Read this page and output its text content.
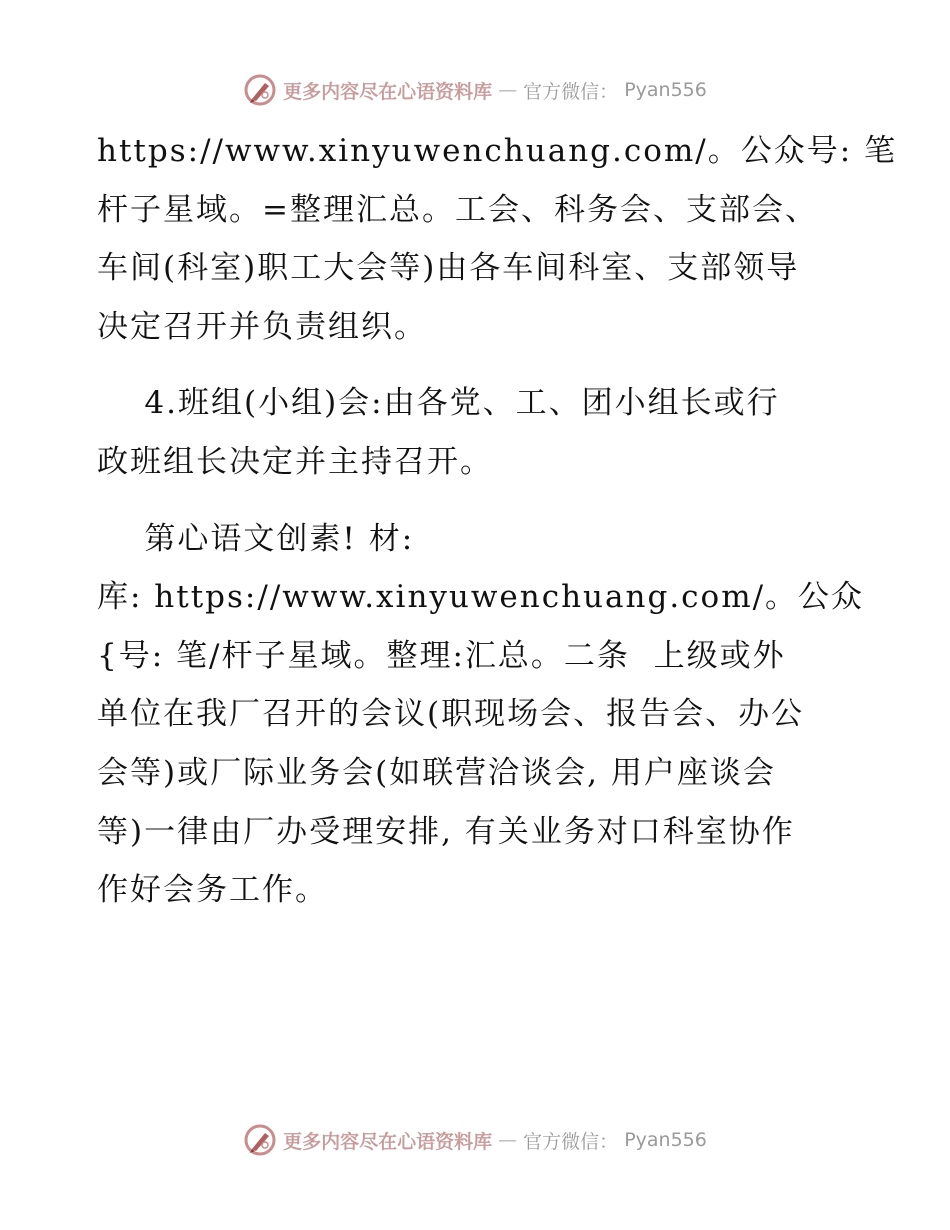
更多内容尽在心语资料库 — 官方微信： Pyan556

https://www.xinyuwenchuang.com/。公众号: 笔

杆子星域。=整理汇总。工会、科务会、支部会、

车间(科室)职工大会等)由各车间科室、支部领导

决定召开并负责组织。

4.班组(小组)会:由各党、工、团小组长或行

政班组长决定并主持召开。

第心语文创素! 材:

库: https://www.xinyuwenchuang.com/。公众

{号: 笔/杆子星域。整理:汇总。二条  上级或外

单位在我厂召开的会议(职现场会、报告会、办公

会等)或厂际业务会(如联营洽谈会, 用户座谈会

等)一律由厂办受理安排, 有关业务对口科室协作

作好会务工作。

更多内容尽在心语资料库 — 官方微信： Pyan556
